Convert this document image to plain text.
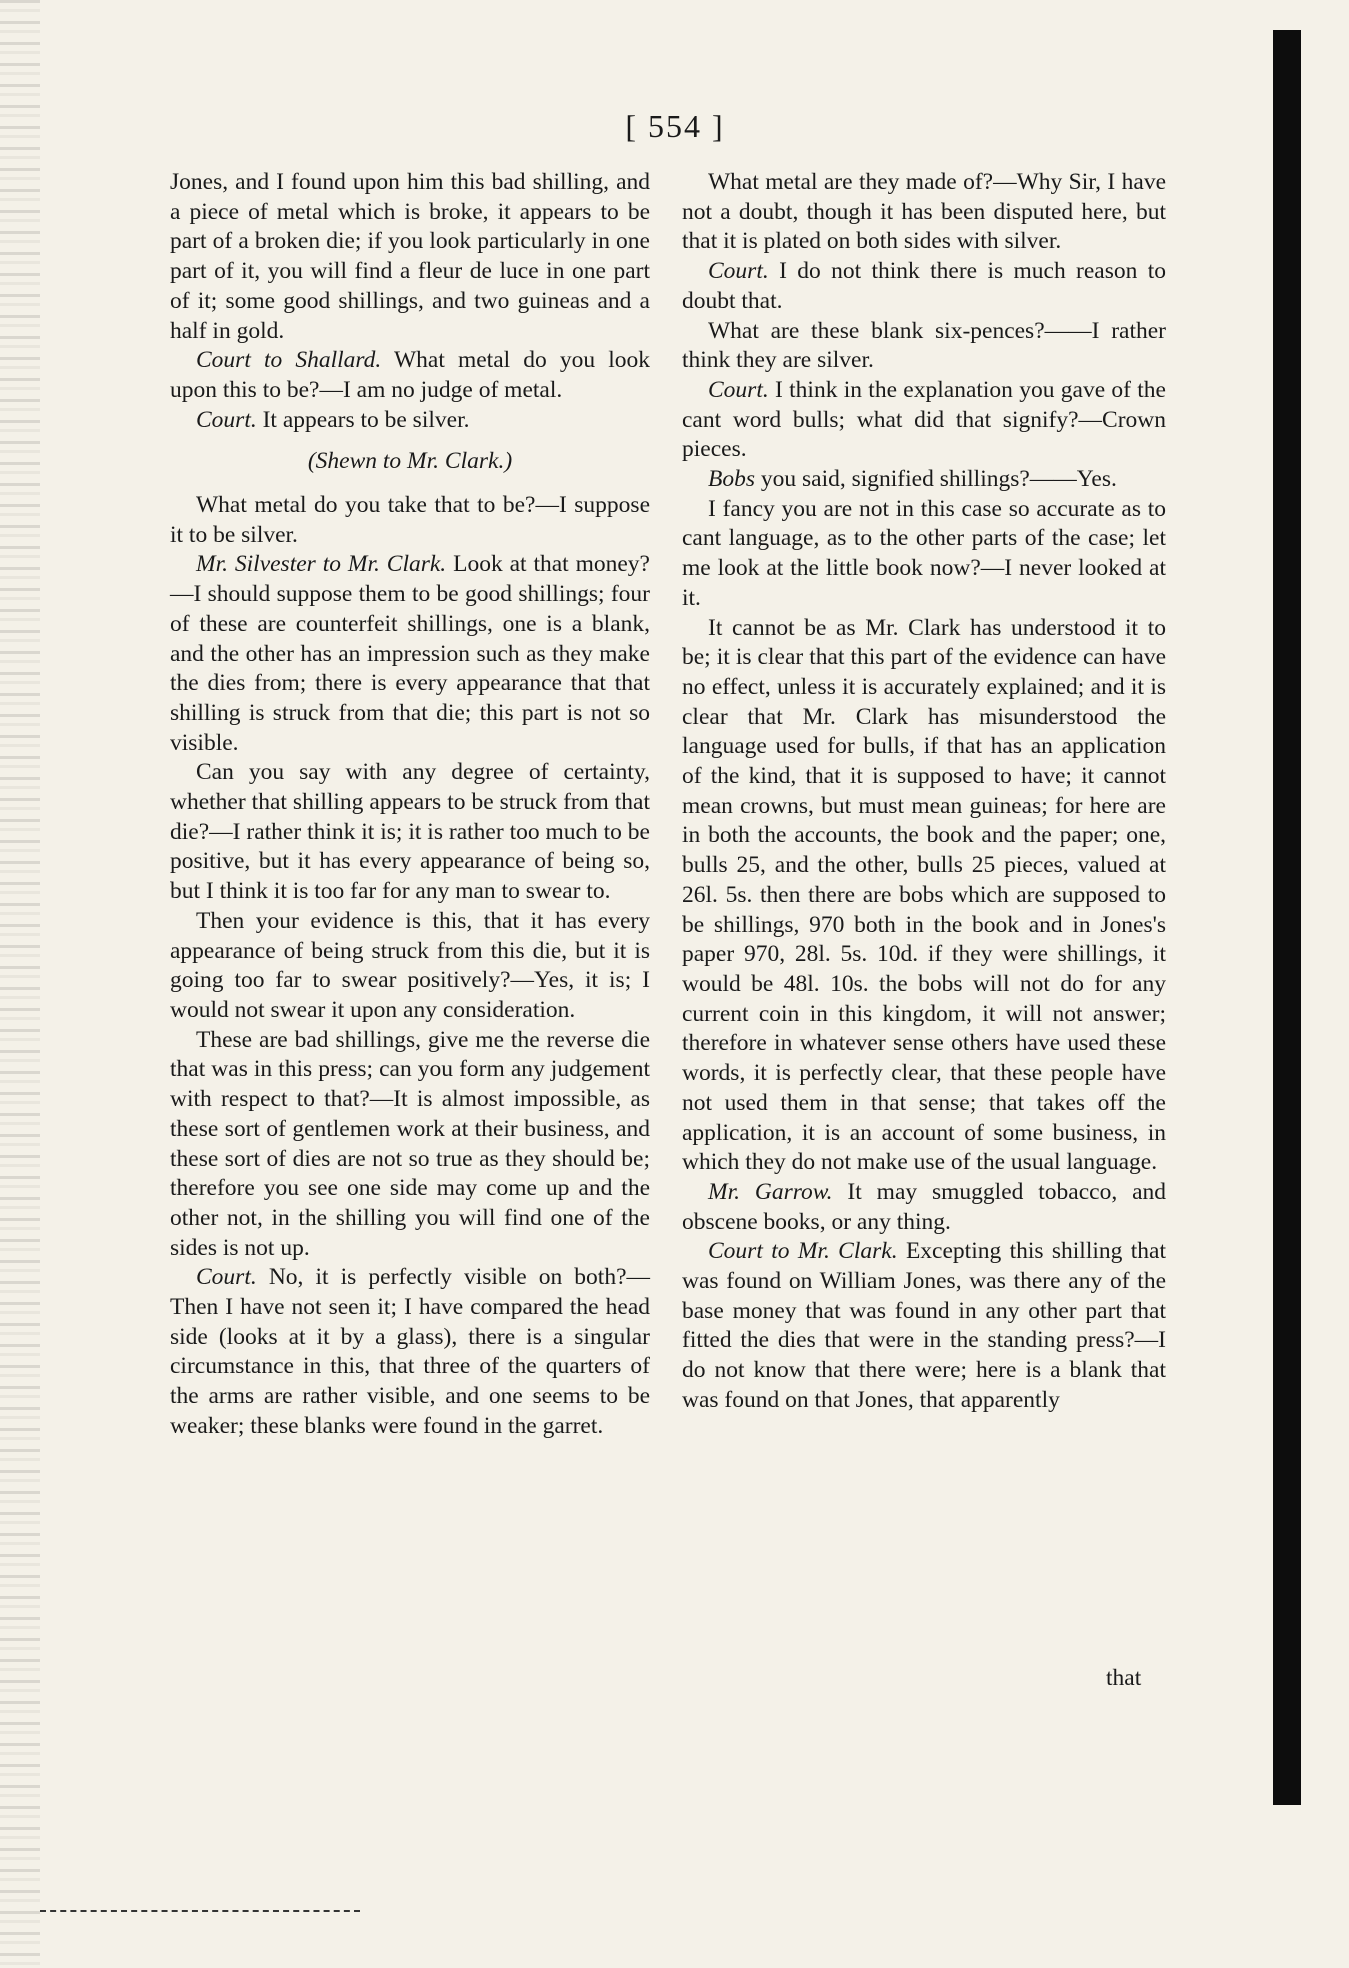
[ 554 ]

Jones, and I found upon him this bad shilling, and a piece of metal which is broke, it appears to be part of a broken die; if you look particularly in one part of it, you will find a fleur de luce in one part of it; some good shillings, and two guineas and a half in gold.

Court to Shallard. What metal do you look upon this to be?—I am no judge of metal.

Court. It appears to be silver.

(Shewn to Mr. Clark.)

What metal do you take that to be?—I suppose it to be silver.

Mr. Silvester to Mr. Clark. Look at that money?—I should suppose them to be good shillings; four of these are counterfeit shillings, one is a blank, and the other has an impression such as they make the dies from; there is every appearance that that shilling is struck from that die; this part is not so visible.

Can you say with any degree of certainty, whether that shilling appears to be struck from that die?—I rather think it is; it is rather too much to be positive, but it has every appearance of being so, but I think it is too far for any man to swear to.

Then your evidence is this, that it has every appearance of being struck from this die, but it is going too far to swear positively?—Yes, it is; I would not swear it upon any consideration.

These are bad shillings, give me the reverse die that was in this press; can you form any judgement with respect to that?—It is almost impossible, as these sort of gentlemen work at their business, and these sort of dies are not so true as they should be; therefore you see one side may come up and the other not, in the shilling you will find one of the sides is not up.

Court. No, it is perfectly visible on both?—Then I have not seen it; I have compared the head side (looks at it by a glass), there is a singular circumstance in this, that three of the quarters of the arms are rather visible, and one seems to be weaker; these blanks were found in the garret.

What metal are they made of?—Why Sir, I have not a doubt, though it has been disputed here, but that it is plated on both sides with silver.

Court. I do not think there is much reason to doubt that.

What are these blank six-pences?——I rather think they are silver.

Court. I think in the explanation you gave of the cant word bulls; what did that signify?—Crown pieces.

Bobs you said, signified shillings?——Yes.

I fancy you are not in this case so accurate as to cant language, as to the other parts of the case; let me look at the little book now?—I never looked at it.

It cannot be as Mr. Clark has understood it to be; it is clear that this part of the evidence can have no effect, unless it is accurately explained; and it is clear that Mr. Clark has misunderstood the language used for bulls, if that has an application of the kind, that it is supposed to have; it cannot mean crowns, but must mean guineas; for here are in both the accounts, the book and the paper; one, bulls 25, and the other, bulls 25 pieces, valued at 26l. 5s. then there are bobs which are supposed to be shillings, 970 both in the book and in Jones's paper 970, 28l. 5s. 10d. if they were shillings, it would be 48l. 10s. the bobs will not do for any current coin in this kingdom, it will not answer; therefore in whatever sense others have used these words, it is perfectly clear, that these people have not used them in that sense; that takes off the application, it is an account of some business, in which they do not make use of the usual language.

Mr. Garrow. It may smuggled tobacco, and obscene books, or any thing.

Court to Mr. Clark. Excepting this shilling that was found on William Jones, was there any of the base money that was found in any other part that fitted the dies that were in the standing press?—I do not know that there were; here is a blank that was found on that Jones, that apparently

that
